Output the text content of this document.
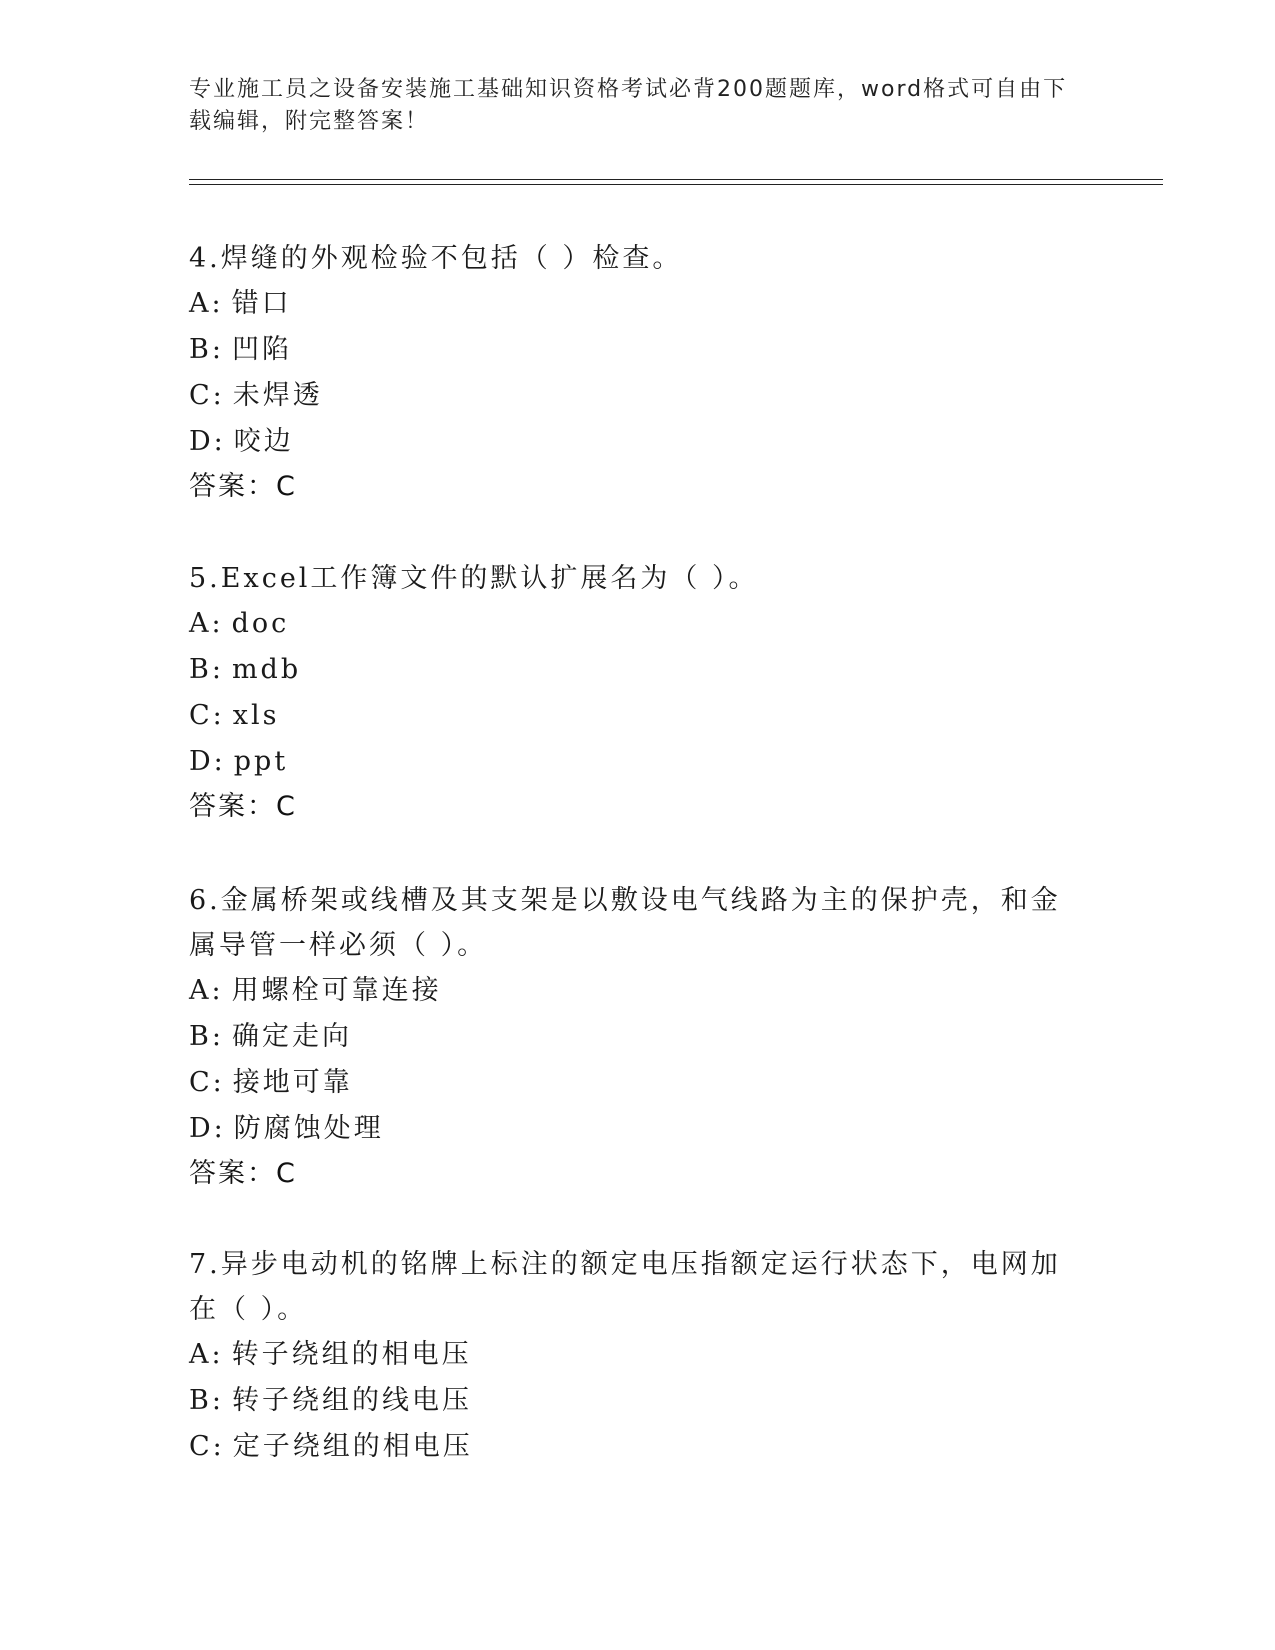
专业施工员之设备安装施工基础知识资格考试必背200题题库，word格式可自由下载编辑，附完整答案！

4.焊缝的外观检验不包括（ ）检查。

A: 错口

B: 凹陷

C: 未焊透

D: 咬边

答案：C

5.Excel工作簿文件的默认扩展名为（ ）。

A: doc

B: mdb

C: xls

D: ppt

答案：C

6.金属桥架或线槽及其支架是以敷设电气线路为主的保护壳，和金属导管一样必须（ ）。

A: 用螺栓可靠连接

B: 确定走向

C: 接地可靠

D: 防腐蚀处理

答案：C

7.异步电动机的铭牌上标注的额定电压指额定运行状态下，电网加在（ ）。

A: 转子绕组的相电压

B: 转子绕组的线电压

C: 定子绕组的相电压
